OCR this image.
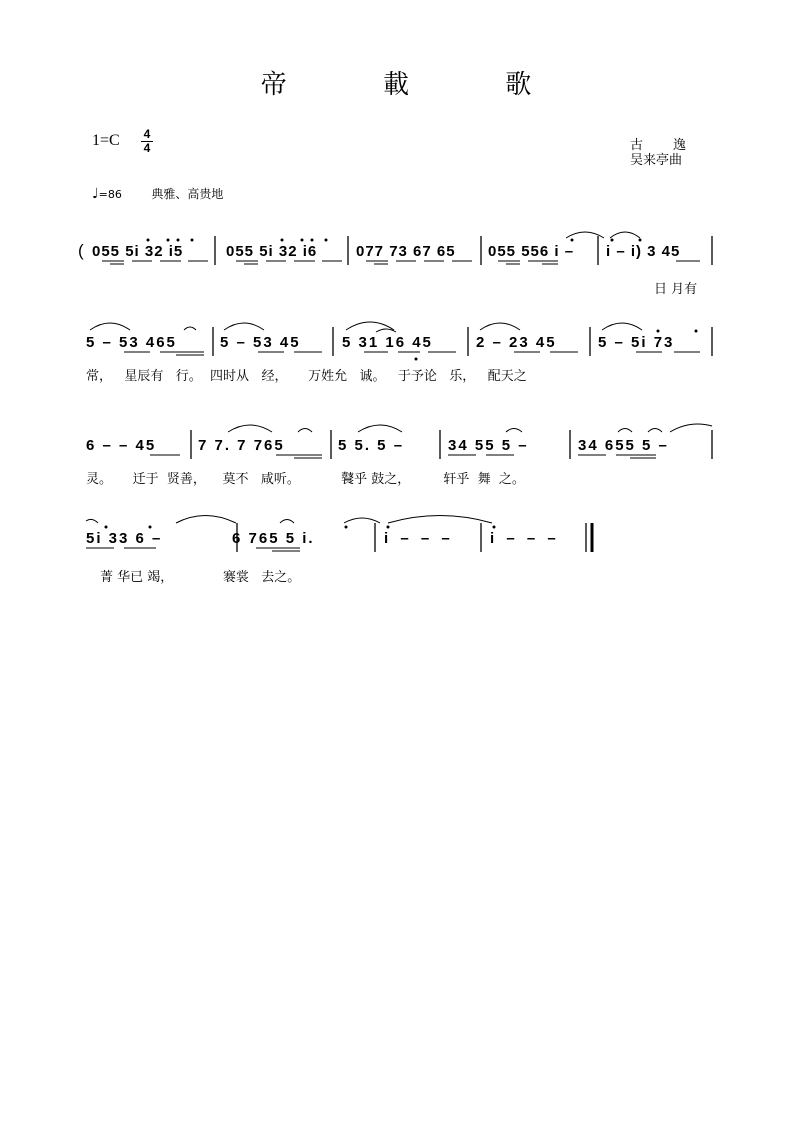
帝 載 歌
1=C	4
4	古逸
吴来亭曲
♩=86 典雅、高贵地
( 055 5i 32 i5	055 5i 32 i6	077 73 67 65 055 556 i – i – i) 3 45
5 – 53 465	5 – 53 45	5 31 16 45	2 – 23 45	5 – 5i 73
6 – – 45	7 7. 7 765	5 5. 5 –	34 55 5 –	34 655 5 –
5i 33 6 –	6 765 5 i.	i – – – i – – –
日 月有
常，   星辰有   行。  四时从   经，     万姓允   诚。   于予论   乐，   配天之
灵。     迁于  贤善，    莫不   咸听。          鼚乎 鼓之，        轩乎  舞  之。
菁 华已 竭，            褰裳   去之。
